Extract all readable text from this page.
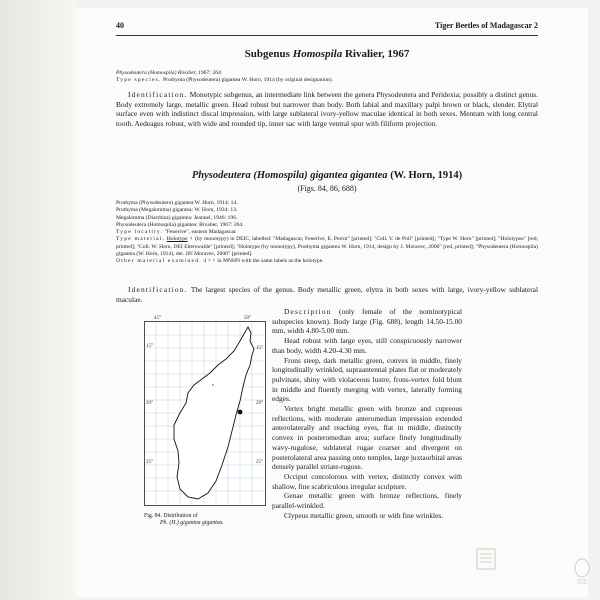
40	Tiger Beetles of Madagascar 2
Subgenus Homospila Rivalier, 1967
Physodeutera (Homospila) Rivalier, 1967: 264.
Type species. Prothyma (Physodeutera) gigantea W. Horn, 1914 (by original designation).
Identification. Monotypic subgenus, an intermediate link between the genera Physodeutera and Peridexia; possibly a distinct genus. Body extremely large, metallic green. Head robust but narrower than body. Both labial and maxillary palpi brown or black, slender. Elytral surface even with indistinct discal impression, with large sublateral ivory-yellow maculae identical in both sexes. Mentum with long central tooth. Aedeagus robust, with wide and rounded tip, inner sac with large ventral spur with filiform projection.
Physodeutera (Homospila) gigantea gigantea (W. Horn, 1914)
(Figs. 84, 86, 688)
Prothyma (Physodeutera) gigantea W. Horn, 1914: 14.
Prothyma (Megalomma) gigantea: W. Horn, 1934: 13.
Megalomma (Diarrhiza) gigantea: Jeannel, 1946: 196.
Physodeutera (Homospila) gigantea: Rivalier, 1967: 264.
Type locality. "Fenerive", eastern Madagascar.
Type material. Holotype ♀ (by monotypy) in DEIC, labelled: "Madagascar, Fenerive, E. Perrot" [printed]; "Coll. V. de Poll" [printed]; "Type W. Horn" [printed]; "Holotypus" [red, printed]; "Coll. W. Horn, DEI Eberswalde" [printed]; "Holotype (by monotypy), Prothyma gigantea W. Horn, 1914, design by J. Moravec, 2000" [red, printed]; "Physodeutera (Homospila) gigantea (W. Horn, 1914), det. Jiří Moravec, 2000" [printed].
Other material examined. 4 ♀♀ in MNHN with the same labels as the holotype.
Identification. The largest species of the genus. Body metallic green, elytra in both sexes with large, ivory-yellow sublateral maculae.

Description (only female of the nominotypical subspecies known). Body large (Fig. 688), length 14.50-15.00 mm, width 4.80-5.00 mm.

Head robust with large eyes, still conspicuously narrower than body, width 4.20-4.30 mm.

Frons steep, dark metallic green, convex in middle, finely longitudinally wrinkled, supraantennal plates flat or moderately pulvinate, shiny with violaceous lustre, frons-vertex fold blunt in middle and fluently merging with vertex, laterally forming edges.

Vertex bright metallic green with bronze and cupreous reflections, with moderate anteromedian impression extended anterolaterally and reaching eyes, flat in middle, distinctly convex in posteromedian area; surface finely longitudinally wavy-rugulose, sublateral rugae coarser and divergent on posterolateral area passing onto temples, large juxtaorbital areas densely parallel striate-rugose.

Occiput concolorous with vertex, distinctly convex with shallow, fine scabriculous irregular sculpture.

Genae metallic green with bronze reflections, finely parallel-wrinkled.

Clypeus metallic green, smooth or with fine wrinkles.

45°	50°
15°	15°
20°	20°
25°	25°
Fig. 84. Distribution of
Ph. (H.) gigantea gigantea.
